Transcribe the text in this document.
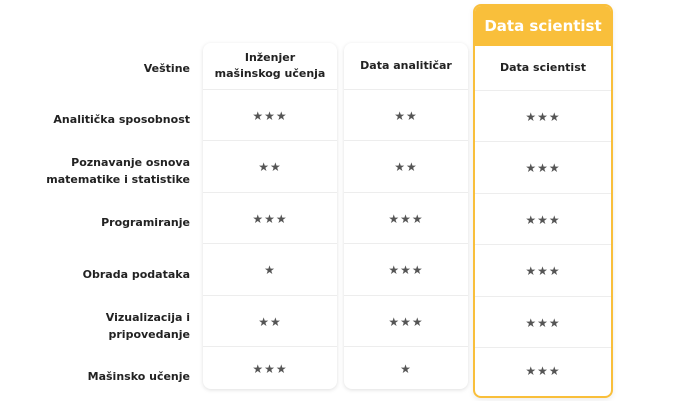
Veštine
Analitička sposobnost
Poznavanje osnova matematike i statistike
Programiranje
Obrada podataka
Vizualizacija i pripovedanje
Mašinsko učenje
Inženjer mašinskog učenja
★★★
★★
★★★
★
★★
★★★
Data analitičar
★★
★★
★★★
★★★
★★★
★
Data scientist
Data scientist
★★★
★★★
★★★
★★★
★★★
★★★
